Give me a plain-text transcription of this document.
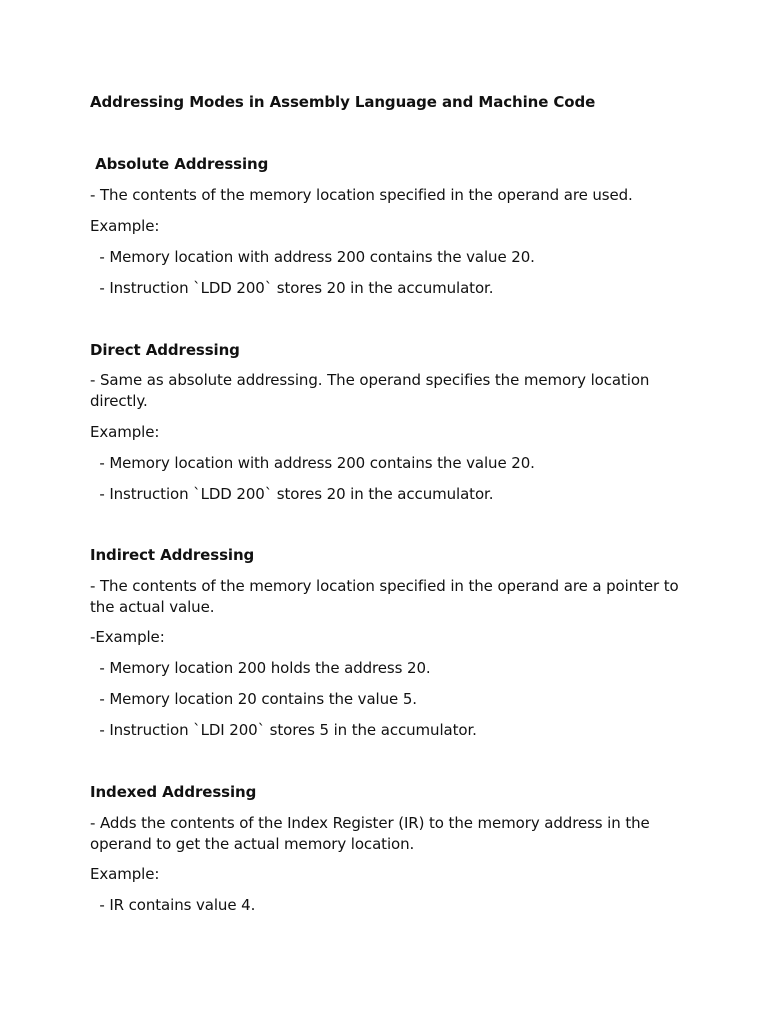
Addressing Modes in Assembly Language and Machine Code
Absolute Addressing
- The contents of the memory location specified in the operand are used.
Example:
- Memory location with address 200 contains the value 20.
- Instruction `LDD 200` stores 20 in the accumulator.
Direct Addressing
- Same as absolute addressing. The operand specifies the memory location directly.
Example:
- Memory location with address 200 contains the value 20.
- Instruction `LDD 200` stores 20 in the accumulator.
Indirect Addressing
- The contents of the memory location specified in the operand are a pointer to the actual value.
-Example:
- Memory location 200 holds the address 20.
- Memory location 20 contains the value 5.
- Instruction `LDI 200` stores 5 in the accumulator.
Indexed Addressing
- Adds the contents of the Index Register (IR) to the memory address in the operand to get the actual memory location.
Example:
- IR contains value 4.
